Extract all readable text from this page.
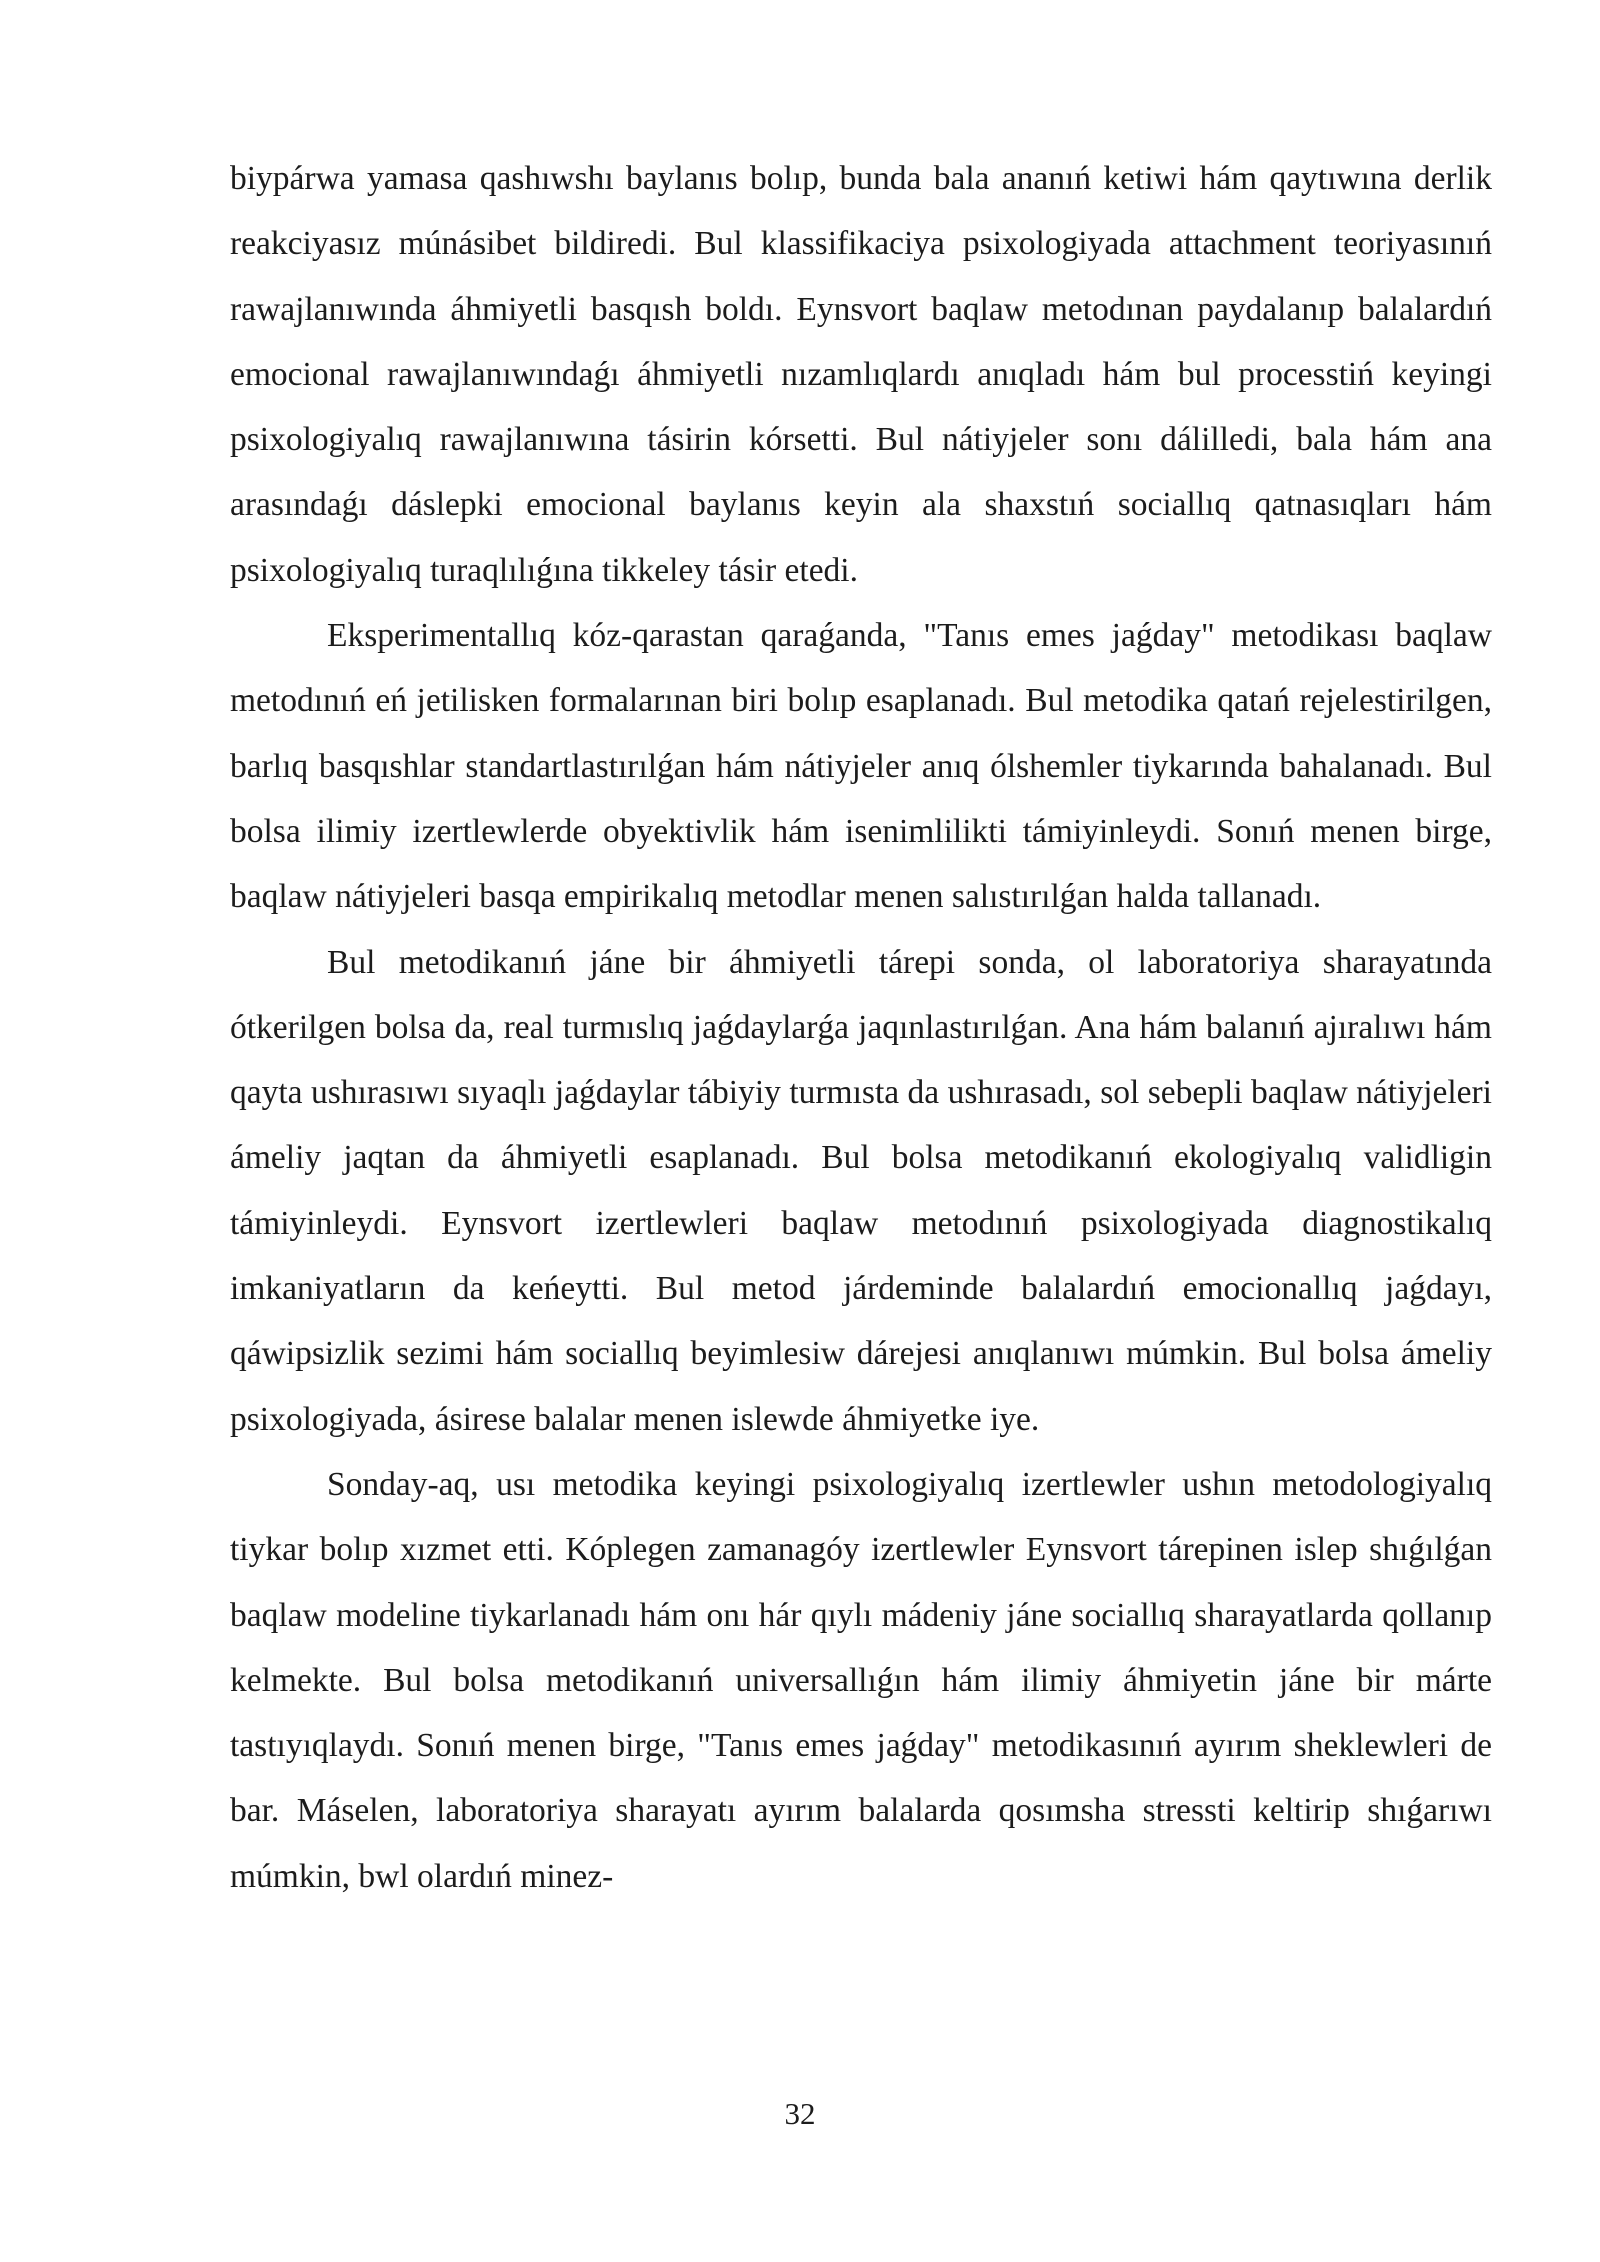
biypárwa yamasa qashıwshı baylanıs bolıp, bunda bala ananıń ketiwi hám qaytıwına derlik reakciyasız múnásibet bildiredi. Bul klassifikaciya psixologiyada attachment teoriyasınıń rawajlanıwında áhmiyetli basqısh boldı. Eynsvort baqlaw metodınan paydalanıp balalardıń emocional rawajlanıwındaǵı áhmiyetli nızamlıqlardı anıqladı hám bul processtiń keyingi psixologiyalıq rawajlanıwına tásirin kórsetti. Bul nátiyjeler sonı dálilledi, bala hám ana arasındaǵı dáslepki emocional baylanıs keyin ala shaxstıń sociallıq qatnasıqları hám psixologiyalıq turaqlılıǵına tikkeley tásir etedi.

Eksperimentallıq kóz-qarastan qaraǵanda, "Tanıs emes jaǵday" metodikası baqlaw metodınıń eń jetilisken formalarınan biri bolıp esaplanadı. Bul metodika qatań rejelestirilgen, barlıq basqıshlar standartlastırılǵan hám nátiyjeler anıq ólshemler tiykarında bahalanadı. Bul bolsa ilimiy izertlewlerde obyektivlik hám isenimlilikti támiyinleydi. Sonıń menen birge, baqlaw nátiyjeleri basqa empirikalıq metodlar menen salıstırılǵan halda tallanadı.

Bul metodikanıń jáne bir áhmiyetli tárepi sonda, ol laboratoriya sharayatında ótkerilgen bolsa da, real turmıslıq jaǵdaylarǵa jaqınlastırılǵan. Ana hám balanıń ajıralıwı hám qayta ushırasıwı sıyaqlı jaǵdaylar tábiyiy turmısta da ushırasadı, sol sebepli baqlaw nátiyjeleri ámeliy jaqtan da áhmiyetli esaplanadı. Bul bolsa metodikanıń ekologiyalıq validligin támiyinleydi. Eynsvort izertlewleri baqlaw metodınıń psixologiyada diagnostikalıq imkaniyatların da keńeytti. Bul metod járdeminde balalardıń emocionallıq jaǵdayı, qáwipsizlik sezimi hám sociallıq beyimlesiw dárejesi anıqlanıwı múmkin. Bul bolsa ámeliy psixologiyada, ásirese balalar menen islewde áhmiyetke iye.

Sonday-aq, usı metodika keyingi psixologiyalıq izertlewler ushın metodologiyalıq tiykar bolıp xızmet etti. Kóplegen zamanagóy izertlewler Eynsvort tárepinen islep shıǵılǵan baqlaw modeline tiykarlanadı hám onı hár qıylı mádeniy jáne sociallıq sharayatlarda qollanıp kelmekte. Bul bolsa metodikanıń universallıǵın hám ilimiy áhmiyetin jáne bir márte tastıyıqlaydı. Sonıń menen birge, "Tanıs emes jaǵday" metodikasınıń ayırım sheklewleri de bar. Máselen, laboratoriya sharayatı ayırım balalarda qosımsha stressti keltirip shıǵarıwı múmkin, bwl olardıń minez-

32
